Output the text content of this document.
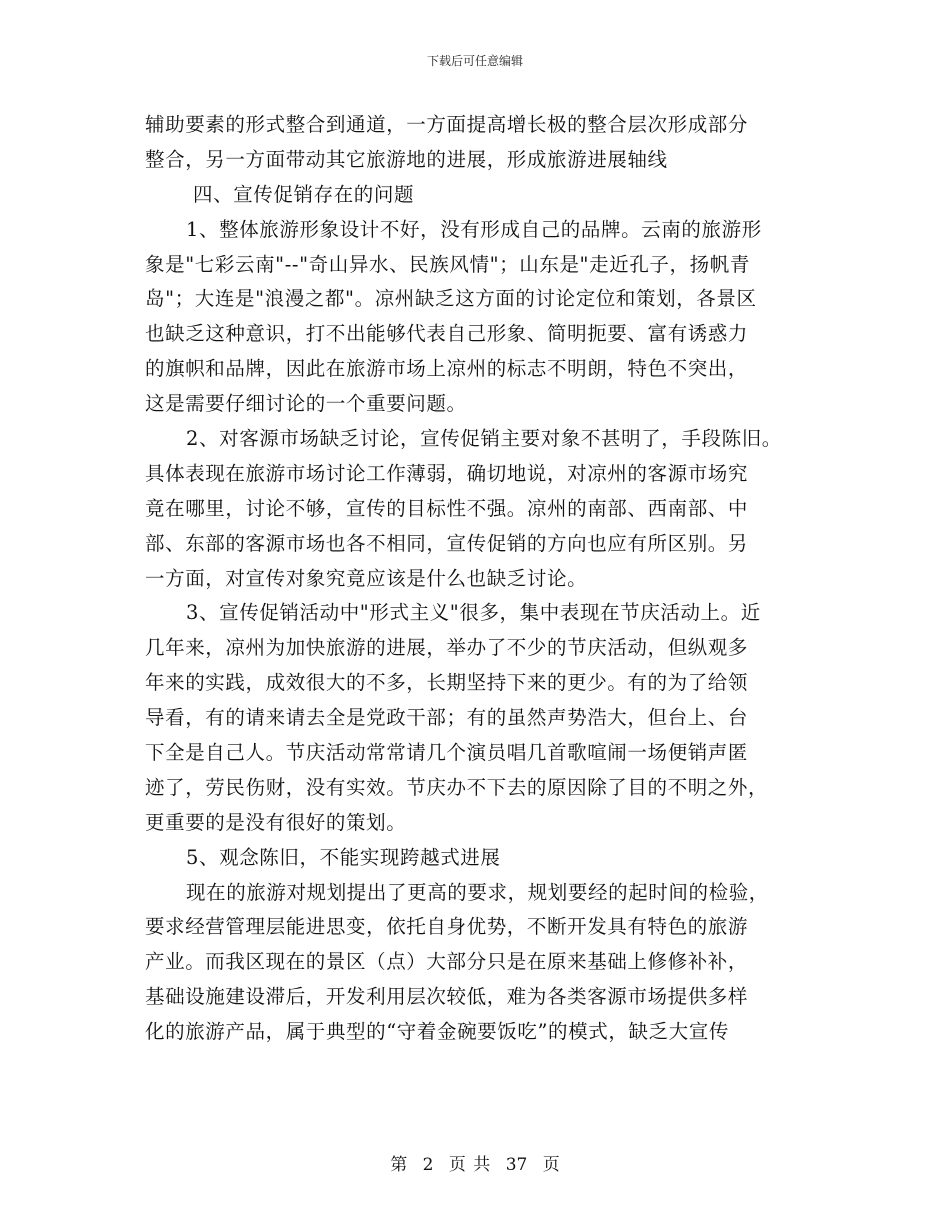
下载后可任意编辑
辅助要素的形式整合到通道，一方面提高增长极的整合层次形成部分
整合，另一方面带动其它旅游地的进展，形成旅游进展轴线
四、宣传促销存在的问题
1、整体旅游形象设计不好，没有形成自己的品牌。云南的旅游形
象是"七彩云南"--"奇山异水、民族风情"；山东是"走近孔子，扬帆青
岛"；大连是"浪漫之都"。凉州缺乏这方面的讨论定位和策划，各景区
也缺乏这种意识，打不出能够代表自己形象、简明扼要、富有诱惑力
的旗帜和品牌，因此在旅游市场上凉州的标志不明朗，特色不突出，
这是需要仔细讨论的一个重要问题。
2、对客源市场缺乏讨论，宣传促销主要对象不甚明了，手段陈旧。
具体表现在旅游市场讨论工作薄弱，确切地说，对凉州的客源市场究
竟在哪里，讨论不够，宣传的目标性不强。凉州的南部、西南部、中
部、东部的客源市场也各不相同，宣传促销的方向也应有所区别。另
一方面，对宣传对象究竟应该是什么也缺乏讨论。
3、宣传促销活动中"形式主义"很多，集中表现在节庆活动上。近
几年来，凉州为加快旅游的进展，举办了不少的节庆活动，但纵观多
年来的实践，成效很大的不多，长期坚持下来的更少。有的为了给领
导看，有的请来请去全是党政干部；有的虽然声势浩大，但台上、台
下全是自己人。节庆活动常常请几个演员唱几首歌喧闹一场便销声匿
迹了，劳民伤财，没有实效。节庆办不下去的原因除了目的不明之外，
更重要的是没有很好的策划。
5、观念陈旧，不能实现跨越式进展
现在的旅游对规划提出了更高的要求，规划要经的起时间的检验，
要求经营管理层能进思变，依托自身优势，不断开发具有特色的旅游
产业。而我区现在的景区（点）大部分只是在原来基础上修修补补，
基础设施建设滞后，开发利用层次较低，难为各类客源市场提供多样
化的旅游产品，属于典型的“守着金碗要饭吃”的模式，缺乏大宣传
第 2 页 共 37 页
